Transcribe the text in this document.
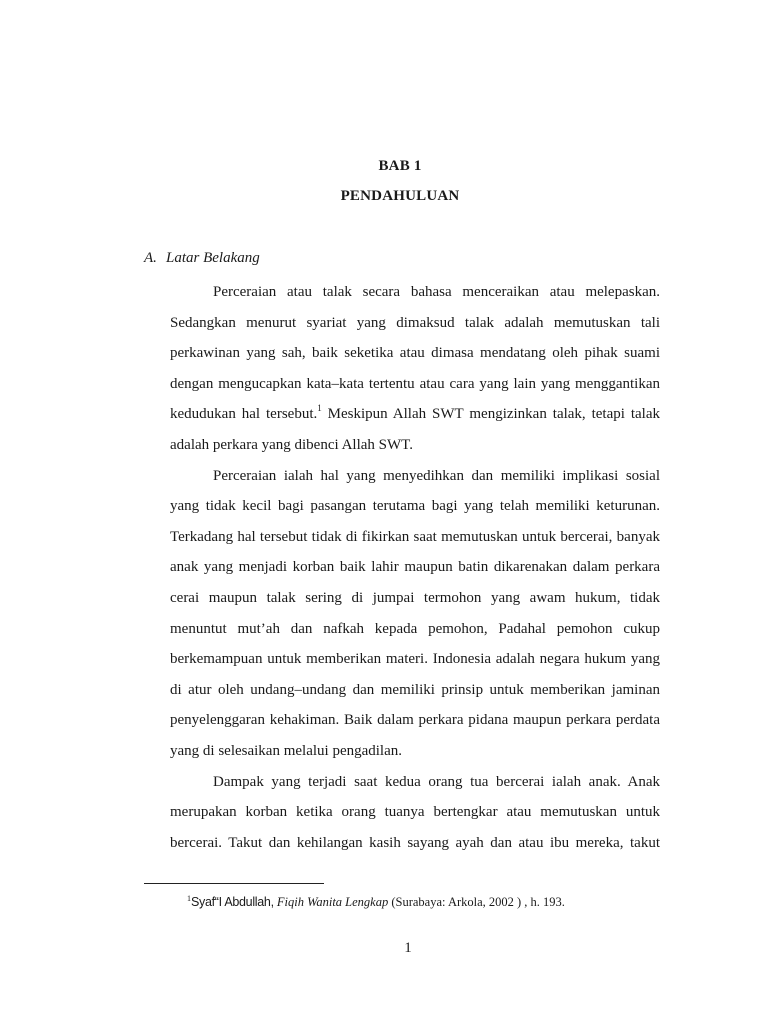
BAB 1
PENDAHULUAN
A. Latar Belakang
Perceraian atau talak secara bahasa menceraikan atau melepaskan.
Sedangkan menurut syariat yang dimaksud talak adalah memutuskan tali
perkawinan yang sah, baik seketika atau dimasa mendatang oleh pihak suami
dengan mengucapkan kata–kata tertentu atau cara yang lain yang menggantikan
kedudukan hal tersebut.$^1$ Meskipun Allah SWT mengizinkan talak, tetapi talak
adalah perkara yang dibenci Allah SWT.
Perceraian ialah hal yang menyedihkan dan memiliki implikasi sosial
yang tidak kecil bagi pasangan terutama bagi yang telah memiliki keturunan.
Terkadang hal tersebut tidak di fikirkan saat memutuskan untuk bercerai, banyak
anak yang menjadi korban baik lahir maupun batin dikarenakan dalam perkara
cerai maupun talak sering di jumpai termohon yang awam hukum, tidak
menuntut mut’ah dan nafkah kepada pemohon, Padahal pemohon cukup
berkemampuan untuk memberikan materi. Indonesia adalah negara hukum yang
di atur oleh undang–undang dan memiliki prinsip untuk memberikan jaminan
penyelenggaran kehakiman. Baik dalam perkara pidana maupun perkara perdata
yang di selesaikan melalui pengadilan.
Dampak yang terjadi saat kedua orang tua bercerai ialah anak. Anak
merupakan korban ketika orang tuanya bertengkar atau memutuskan untuk
bercerai. Takut dan kehilangan kasih sayang ayah dan atau ibu mereka, takut
$^1$Syaf“I Abdullah, Fiqih Wanita Lengkap (Surabaya: Arkola, 2002 ) , h. 193.
1
